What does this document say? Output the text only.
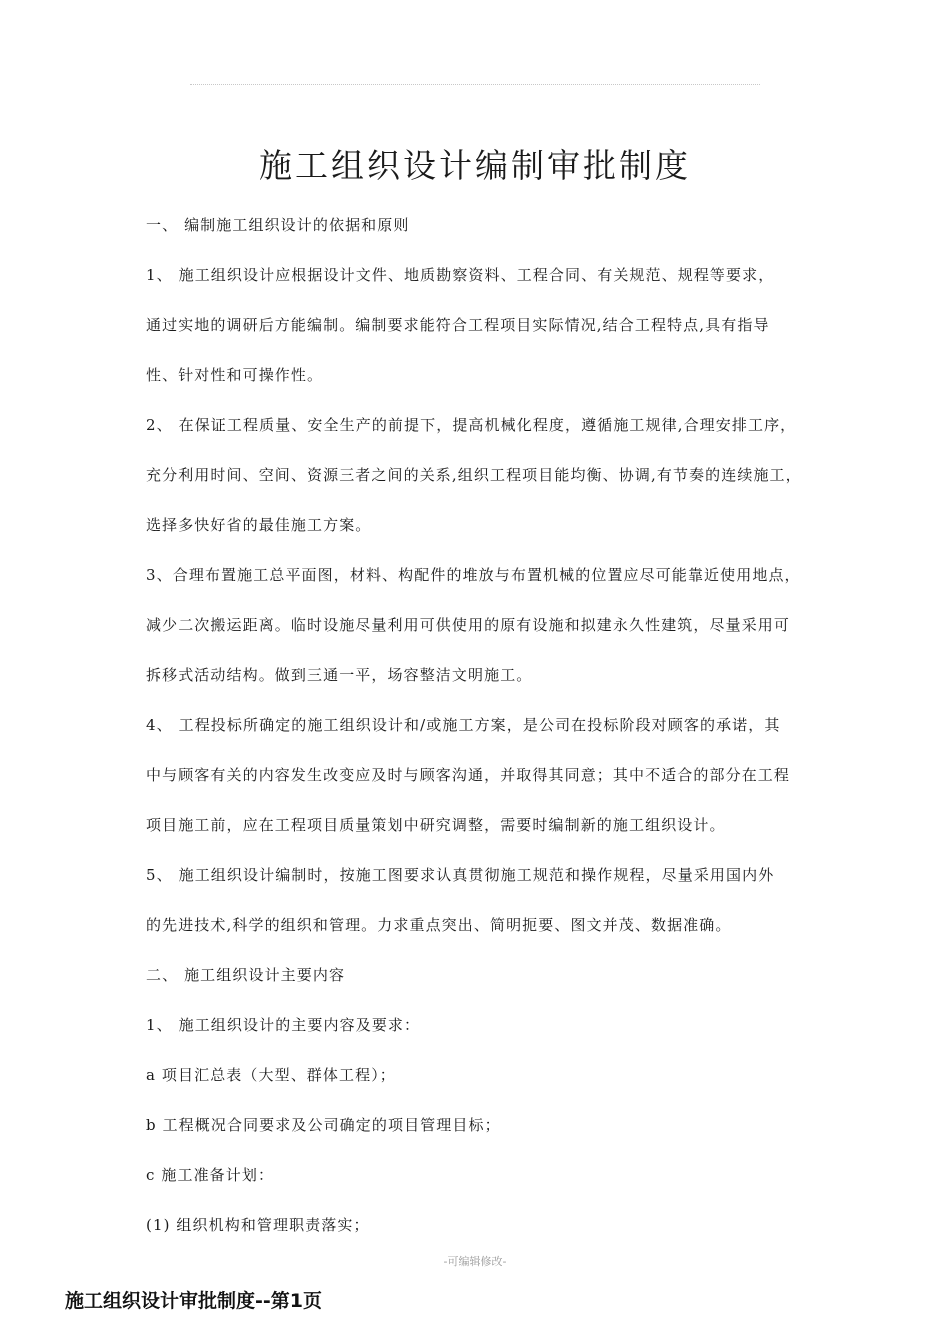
施工组织设计编制审批制度

一、 编制施工组织设计的依据和原则

1、 施工组织设计应根据设计文件、地质勘察资料、工程合同、有关规范、规程等要求，

通过实地的调研后方能编制。编制要求能符合工程项目实际情况,结合工程特点,具有指导

性、针对性和可操作性。

2、 在保证工程质量、安全生产的前提下，提高机械化程度，遵循施工规律,合理安排工序，

充分利用时间、空间、资源三者之间的关系,组织工程项目能均衡、协调,有节奏的连续施工，

选择多快好省的最佳施工方案。

3、合理布置施工总平面图，材料、构配件的堆放与布置机械的位置应尽可能靠近使用地点，

减少二次搬运距离。临时设施尽量利用可供使用的原有设施和拟建永久性建筑，尽量采用可

拆移式活动结构。做到三通一平，场容整洁文明施工。

4、 工程投标所确定的施工组织设计和/或施工方案，是公司在投标阶段对顾客的承诺，其

中与顾客有关的内容发生改变应及时与顾客沟通，并取得其同意；其中不适合的部分在工程

项目施工前，应在工程项目质量策划中研究调整，需要时编制新的施工组织设计。

5、 施工组织设计编制时，按施工图要求认真贯彻施工规范和操作规程，尽量采用国内外

的先进技术,科学的组织和管理。力求重点突出、简明扼要、图文并茂、数据准确。

二、 施工组织设计主要内容

1、 施工组织设计的主要内容及要求：

a 项目汇总表（大型、群体工程）；

b 工程概况合同要求及公司确定的项目管理目标；

c 施工准备计划：

(1) 组织机构和管理职责落实；

-可编辑修改-
施工组织设计审批制度--第1页
